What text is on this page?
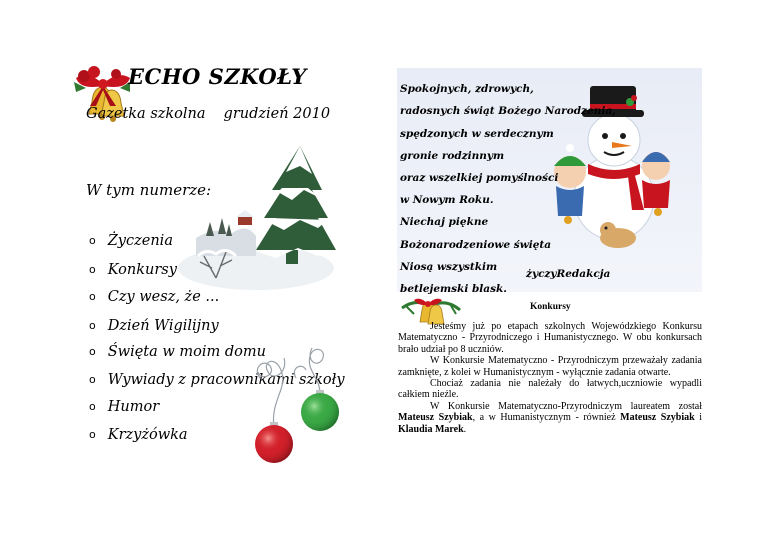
ECHO SZKOŁY
Gazetka szkolna grudzień 2010
W tym numerze:
o Życzenia
o Konkursy
o Czy wesz, że ...
o Dzień Wigilijny
o Święta w moim domu
o Wywiady z pracownikami szkoły
o Humor
o Krzyżówka
Spokojnych, zdrowych,
radosnych świąt Bożego Narodzenia,
spędzonych w serdecznym
gronie rodzinnym
oraz wszelkiej pomyślności
w Nowym Roku.
Niechaj piękne
Bożonarodzeniowe święta
Niosą wszystkim
betlejemski blask.
życzyRedakcja
Konkursy

Jesteśmy już po etapach szkolnych Wojewódzkiego Konkursu Matematyczno - Przyrodniczego i Humanistycznego. W obu konkursach brało udział po 8 uczniów.

W Konkursie Matematyczno - Przyrodniczym przeważały zadania zamknięte, z kolei w Humanistycznym - wyłącznie zadania otwarte.

Chociaż zadania nie należały do łatwych,uczniowie wypadli całkiem nieźle.

W Konkursie Matematyczno-Przyrodniczym laureatem został Mateusz Szybiak, a w Humanistycznym - również Mateusz Szybiak i Klaudia Marek.
